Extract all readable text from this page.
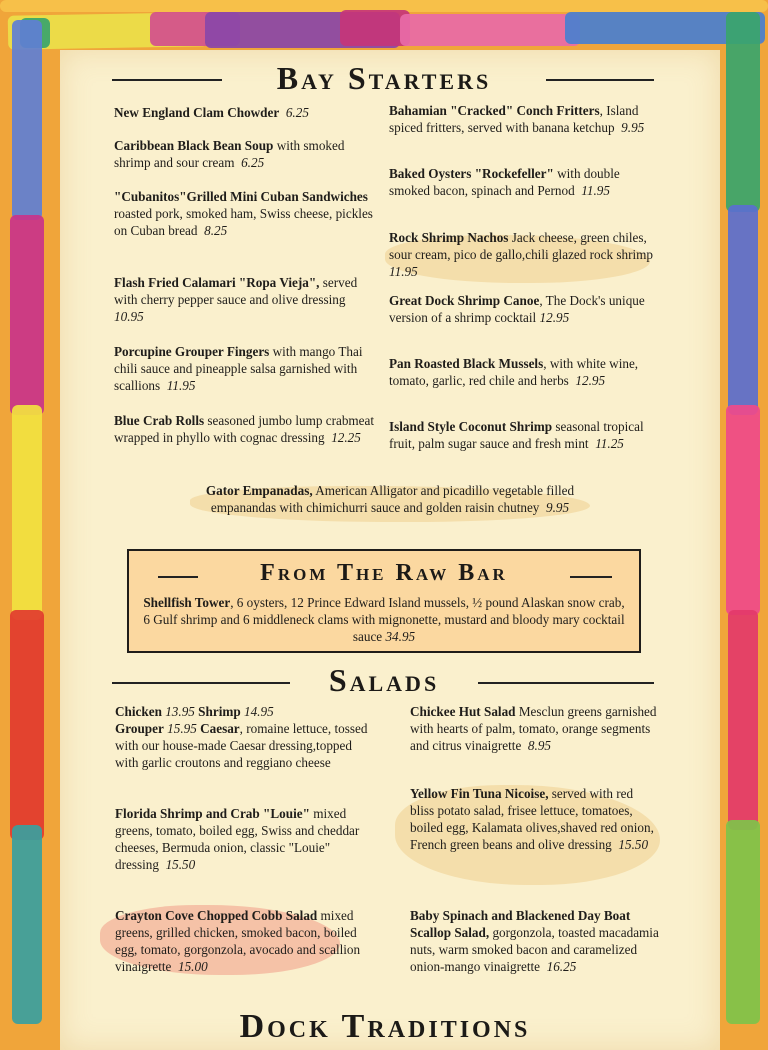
Bay Starters
New England Clam Chowder 6.25
Caribbean Black Bean Soup with smoked shrimp and sour cream 6.25
"Cubanitos"Grilled Mini Cuban Sandwiches roasted pork, smoked ham, Swiss cheese, pickles on Cuban bread 8.25
Flash Fried Calamari "Ropa Vieja", served with cherry pepper sauce and olive dressing  10.95
Porcupine Grouper Fingers with mango Thai chili sauce and pineapple salsa garnished with scallions 11.95
Blue Crab Rolls seasoned jumbo lump crabmeat wrapped in phyllo with cognac dressing 12.25
Bahamian "Cracked" Conch Fritters, Island spiced fritters, served with banana ketchup 9.95
Baked Oysters "Rockefeller" with double smoked bacon, spinach and Pernod 11.95
Rock Shrimp Nachos Jack cheese, green chiles, sour cream, pico de gallo,chili glazed rock shrimp  11.95
Great Dock Shrimp Canoe, The Dock's unique version of a shrimp cocktail 12.95
Pan Roasted Black Mussels, with white wine, tomato, garlic, red chile and herbs 12.95
Island Style Coconut Shrimp seasonal tropical fruit, palm sugar sauce and fresh mint 11.25
Gator Empanadas, American Alligator and picadillo vegetable filled empanandas with chimichurri sauce and golden raisin chutney 9.95
From The Raw Bar
Shellfish Tower, 6 oysters, 12 Prince Edward Island mussels, ½ pound Alaskan snow crab, 6 Gulf shrimp and 6 middleneck clams with mignonette, mustard and bloody mary cocktail sauce 34.95
Salads
Chicken 13.95 Shrimp 14.95
Grouper 15.95 Caesar, romaine lettuce, tossed with our house-made Caesar dressing,topped with garlic croutons and reggiano cheese
Florida Shrimp and Crab "Louie" mixed greens, tomato, boiled egg, Swiss and cheddar cheeses, Bermuda onion, classic "Louie" dressing 15.50
Crayton Cove Chopped Cobb Salad mixed greens, grilled chicken, smoked bacon, boiled egg, tomato, gorgonzola, avocado and scallion vinaigrette 15.00
Chickee Hut Salad Mesclun greens garnished with hearts of palm, tomato, orange segments and citrus vinaigrette 8.95
Yellow Fin Tuna Nicoise, served with red bliss potato salad, frisee lettuce, tomatoes, boiled egg, Kalamata olives,shaved red onion, French green beans and olive dressing 15.50
Baby Spinach and Blackened Day Boat Scallop Salad, gorgonzola, toasted macadamia nuts, warm smoked bacon and caramelized onion-mango vinaigrette 16.25
Dock Traditions
